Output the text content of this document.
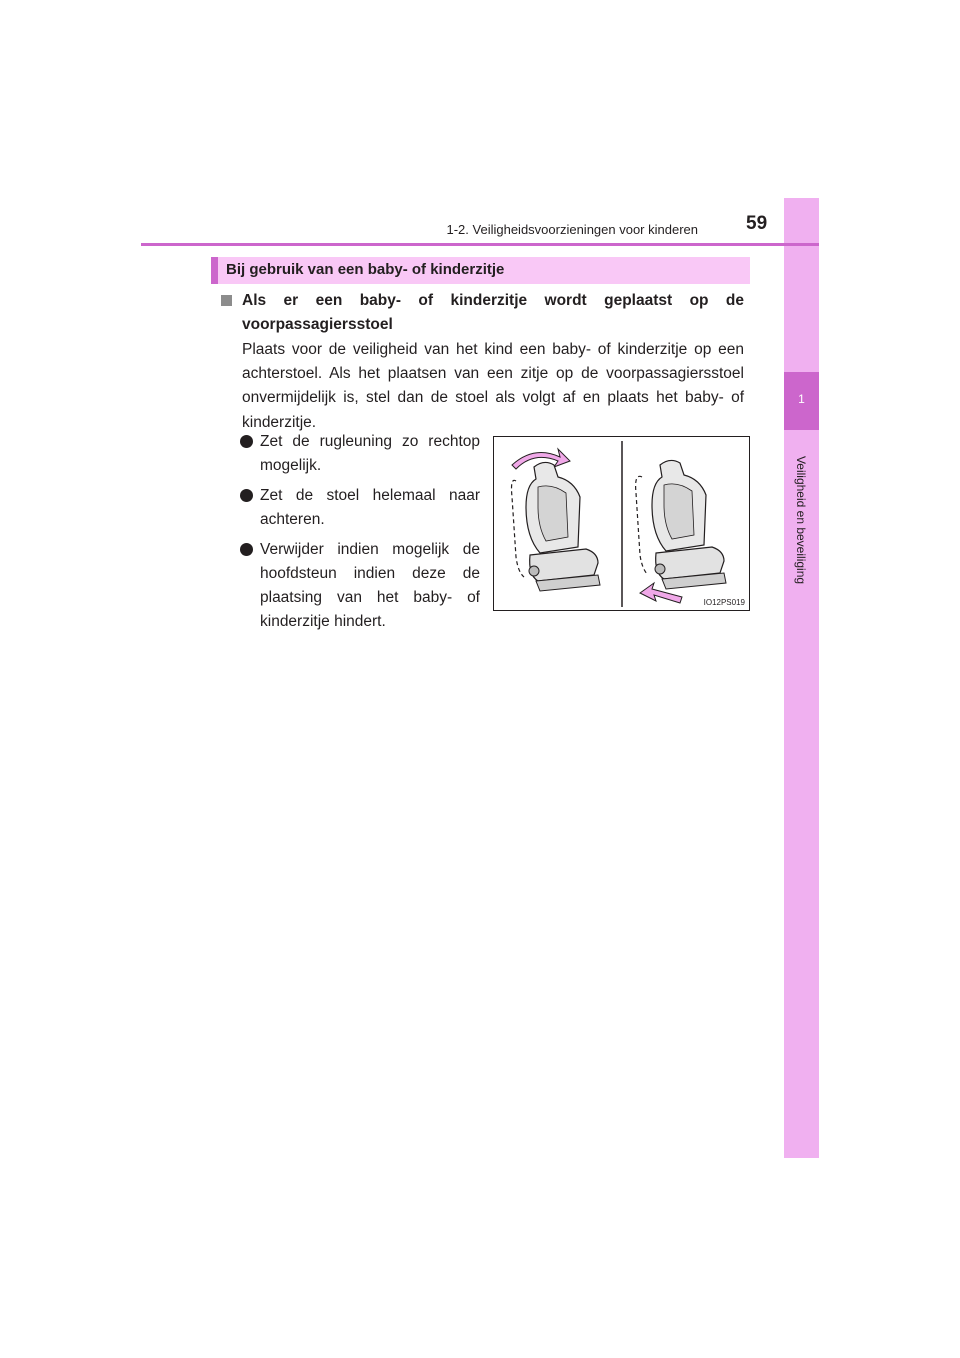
1
Veiligheid en beveiliging
1-2. Veiligheidsvoorzieningen voor kinderen	59
Bij gebruik van een baby- of kinderzitje
Als er een baby- of kinderzitje wordt geplaatst op de voorpassagiersstoel
Plaats voor de veiligheid van het kind een baby- of kinderzitje op een achterstoel. Als het plaatsen van een zitje op de voorpassagiersstoel onvermijdelijk is, stel dan de stoel als volgt af en plaats het baby- of kinderzitje.
Zet de rugleuning zo rechtop mogelijk.
Zet de stoel helemaal naar achteren.
Verwijder indien mogelijk de hoofdsteun indien deze de plaatsing van het baby- of kinderzitje hindert.
IO12PS019
